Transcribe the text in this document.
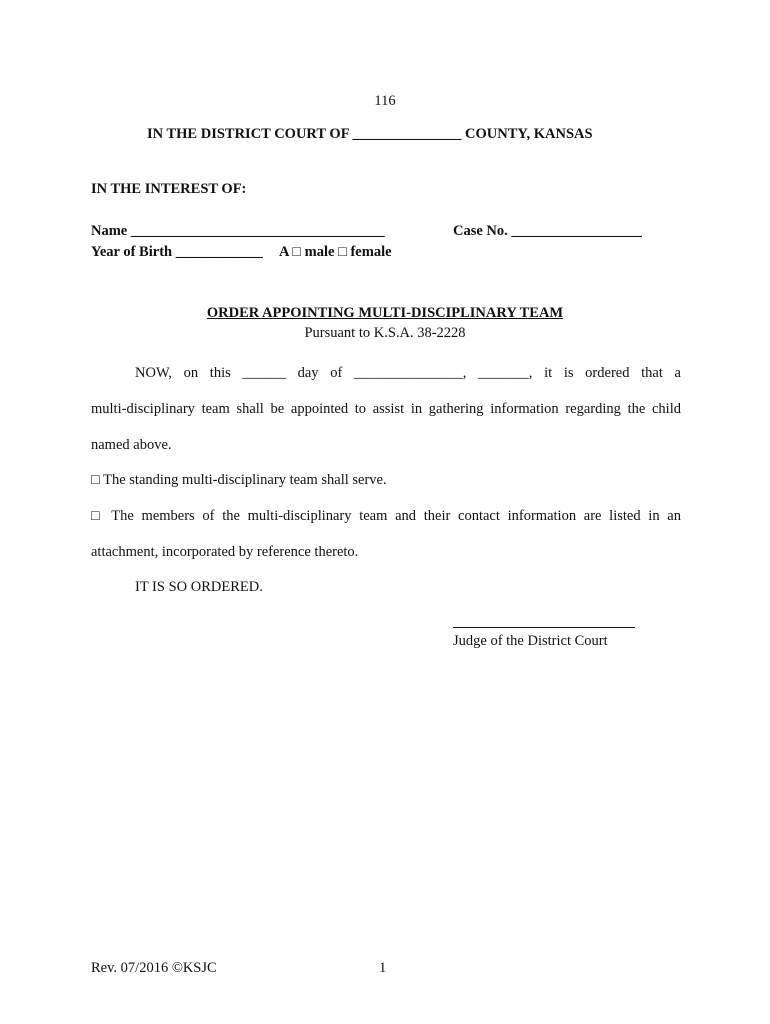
116
IN THE DISTRICT COURT OF _______________ COUNTY, KANSAS
IN THE INTEREST OF:
Name ___________________________________	Case No. __________________
Year of Birth ____________ A □ male □ female
ORDER APPOINTING MULTI-DISCIPLINARY TEAM
Pursuant to K.S.A. 38-2228
NOW, on this ______ day of _______________, _______, it is ordered that a
multi-disciplinary team shall be appointed to assist in gathering information regarding the child
named above.
□ The standing multi-disciplinary team shall serve.
□ The members of the multi-disciplinary team and their contact information are listed in an
attachment, incorporated by reference thereto.
IT IS SO ORDERED.
Judge of the District Court
Rev. 07/2016 ©KSJC	1
